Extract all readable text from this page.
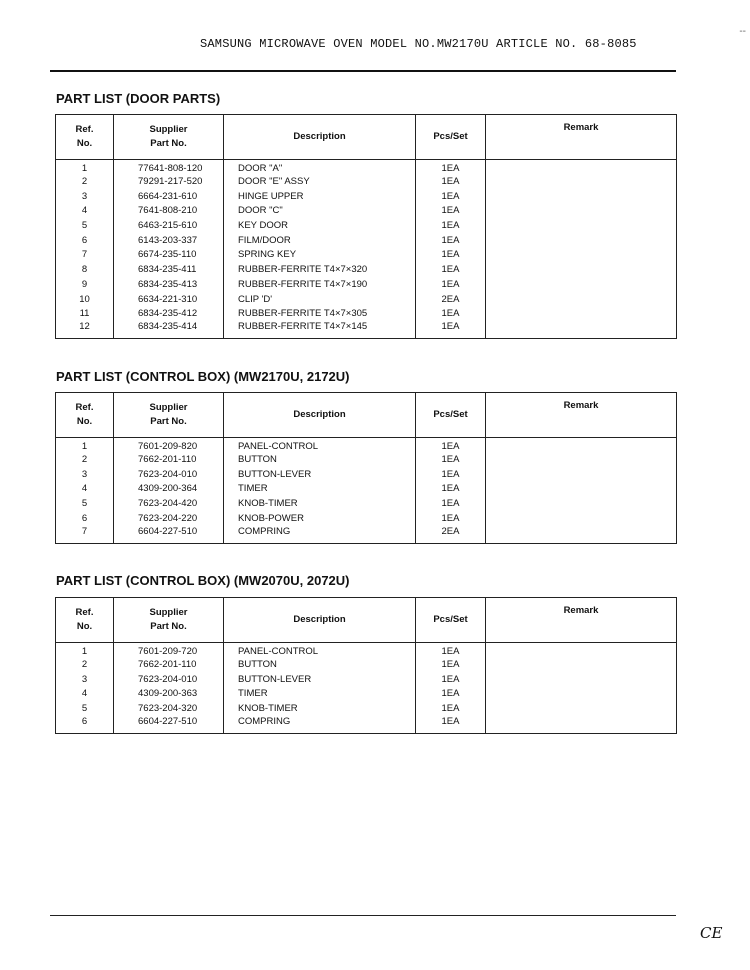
SAMSUNG MICROWAVE OVEN MODEL NO.MW2170U ARTICLE NO. 68-8085
--
PART LIST (DOOR PARTS)
Ref.
No.	Supplier
Part No.	Description	Pcs/Set	Remark
1	77641-808-120	DOOR "A"	1EA	
2	79291-217-520	DOOR "E" ASSY	1EA	
3	6664-231-610	HINGE UPPER	1EA	
4	7641-808-210	DOOR "C"	1EA	
5	6463-215-610	KEY DOOR	1EA	
6	6143-203-337	FILM/DOOR	1EA	
7	6674-235-110	SPRING KEY	1EA	
8	6834-235-411	RUBBER-FERRITE T4×7×320	1EA	
9	6834-235-413	RUBBER-FERRITE T4×7×190	1EA	
10	6634-221-310	CLIP 'D'	2EA	
11	6834-235-412	RUBBER-FERRITE T4×7×305	1EA	
12	6834-235-414	RUBBER-FERRITE T4×7×145	1EA	
PART LIST (CONTROL BOX) (MW2170U, 2172U)
Ref.
No.	Supplier
Part No.	Description	Pcs/Set	Remark
1	7601-209-820	PANEL-CONTROL	1EA	
2	7662-201-110	BUTTON	1EA	
3	7623-204-010	BUTTON-LEVER	1EA	
4	4309-200-364	TIMER	1EA	
5	7623-204-420	KNOB-TIMER	1EA	
6	7623-204-220	KNOB-POWER	1EA	
7	6604-227-510	COMPRING	2EA	
PART LIST (CONTROL BOX) (MW2070U, 2072U)
Ref.
No.	Supplier
Part No.	Description	Pcs/Set	Remark
1	7601-209-720	PANEL-CONTROL	1EA	
2	7662-201-110	BUTTON	1EA	
3	7623-204-010	BUTTON-LEVER	1EA	
4	4309-200-363	TIMER	1EA	
5	7623-204-320	KNOB-TIMER	1EA	
6	6604-227-510	COMPRING	1EA	
CE
